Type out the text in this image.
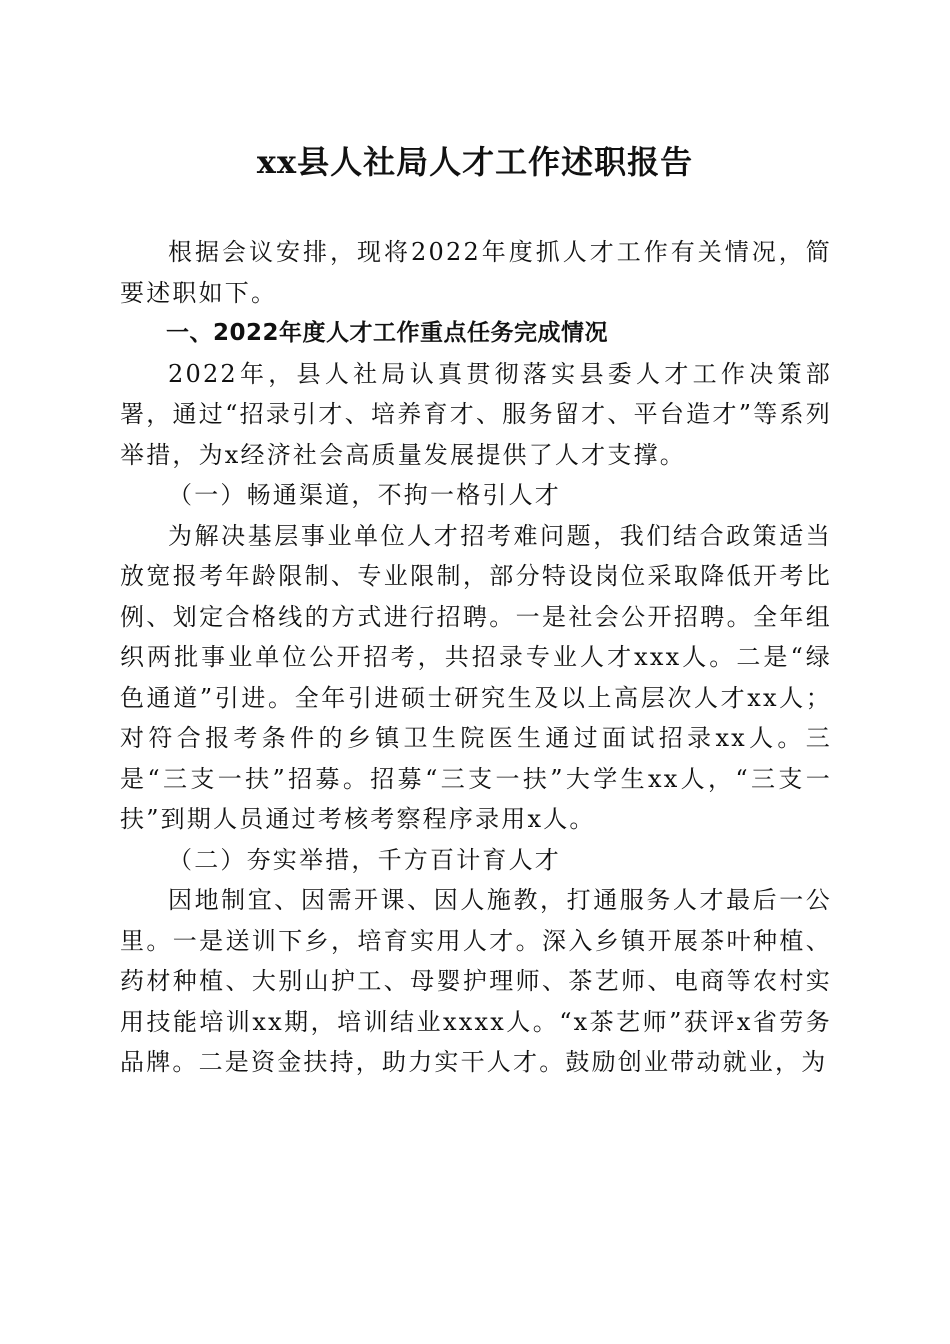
xx县人社局人才工作述职报告

根据会议安排，现将2022年度抓人才工作有关情况，简要述职如下。

一、2022年度人才工作重点任务完成情况

2022年，县人社局认真贯彻落实县委人才工作决策部署，通过“招录引才、培养育才、服务留才、平台造才”等系列举措，为x经济社会高质量发展提供了人才支撑。

（一）畅通渠道，不拘一格引人才

为解决基层事业单位人才招考难问题，我们结合政策适当放宽报考年龄限制、专业限制，部分特设岗位采取降低开考比例、划定合格线的方式进行招聘。一是社会公开招聘。全年组织两批事业单位公开招考，共招录专业人才xxx人。二是“绿色通道”引进。全年引进硕士研究生及以上高层次人才xx人；对符合报考条件的乡镇卫生院医生通过面试招录xx人。三是“三支一扶”招募。招募“三支一扶”大学生xx人，“三支一扶”到期人员通过考核考察程序录用x人。

（二）夯实举措，千方百计育人才

因地制宜、因需开课、因人施教，打通服务人才最后一公里。一是送训下乡，培育实用人才。深入乡镇开展茶叶种植、药材种植、大别山护工、母婴护理师、茶艺师、电商等农村实用技能培训xx期，培训结业xxxx人。“x茶艺师”获评x省劳务品牌。二是资金扶持，助力实干人才。鼓励创业带动就业，为
